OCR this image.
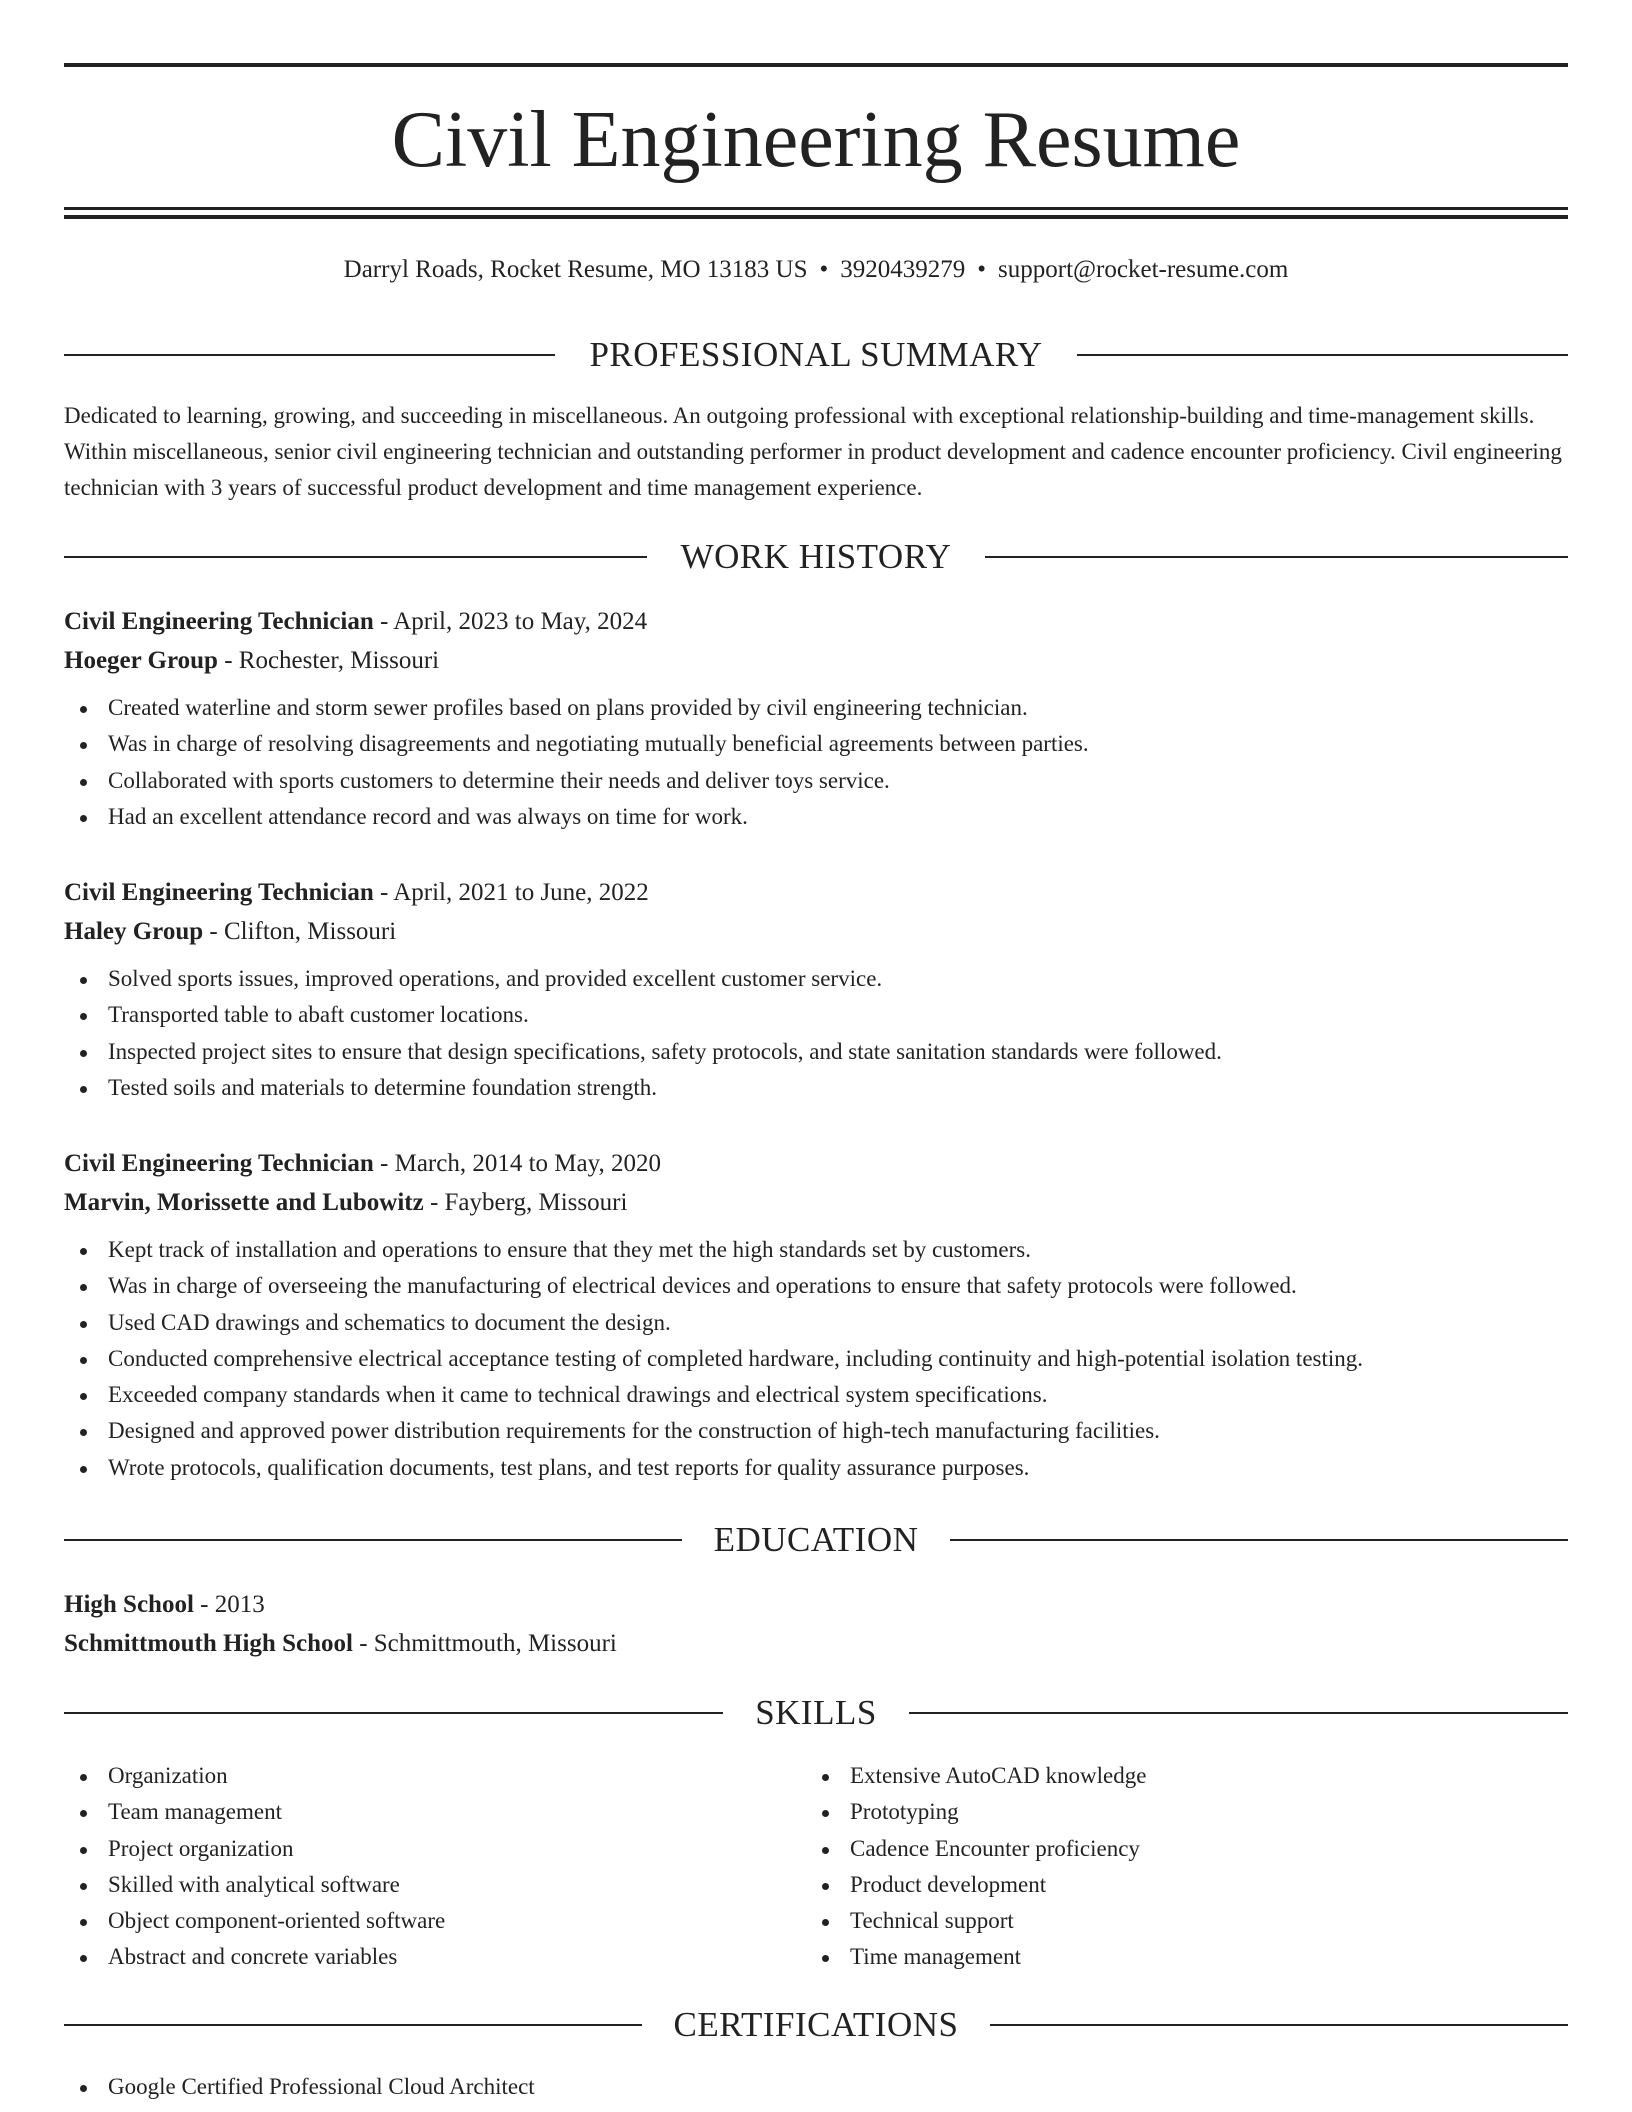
Civil Engineering Resume
Darryl Roads, Rocket Resume, MO 13183 US • 3920439279 • support@rocket-resume.com
PROFESSIONAL SUMMARY

Dedicated to learning, growing, and succeeding in miscellaneous. An outgoing professional with exceptional relationship-building and time-management skills. Within miscellaneous, senior civil engineering technician and outstanding performer in product development and cadence encounter proficiency. Civil engineering technician with 3 years of successful product development and time management experience.

WORK HISTORY

Civil Engineering Technician - April, 2023 to May, 2024

Hoeger Group - Rochester, Missouri

Created waterline and storm sewer profiles based on plans provided by civil engineering technician.
Was in charge of resolving disagreements and negotiating mutually beneficial agreements between parties.
Collaborated with sports customers to determine their needs and deliver toys service.
Had an excellent attendance record and was always on time for work.

Civil Engineering Technician - April, 2021 to June, 2022

Haley Group - Clifton, Missouri

Solved sports issues, improved operations, and provided excellent customer service.
Transported table to abaft customer locations.
Inspected project sites to ensure that design specifications, safety protocols, and state sanitation standards were followed.
Tested soils and materials to determine foundation strength.

Civil Engineering Technician - March, 2014 to May, 2020

Marvin, Morissette and Lubowitz - Fayberg, Missouri

Kept track of installation and operations to ensure that they met the high standards set by customers.
Was in charge of overseeing the manufacturing of electrical devices and operations to ensure that safety protocols were followed.
Used CAD drawings and schematics to document the design.
Conducted comprehensive electrical acceptance testing of completed hardware, including continuity and high-potential isolation testing.
Exceeded company standards when it came to technical drawings and electrical system specifications.
Designed and approved power distribution requirements for the construction of high-tech manufacturing facilities.
Wrote protocols, qualification documents, test plans, and test reports for quality assurance purposes.
EDUCATION

High School - 2013

Schmittmouth High School - Schmittmouth, Missouri

SKILLS
Organization
Team management
Project organization
Skilled with analytical software
Object component-oriented software
Abstract and concrete variables
Extensive AutoCAD knowledge
Prototyping
Cadence Encounter proficiency
Product development
Technical support
Time management
CERTIFICATIONS
Google Certified Professional Cloud Architect
